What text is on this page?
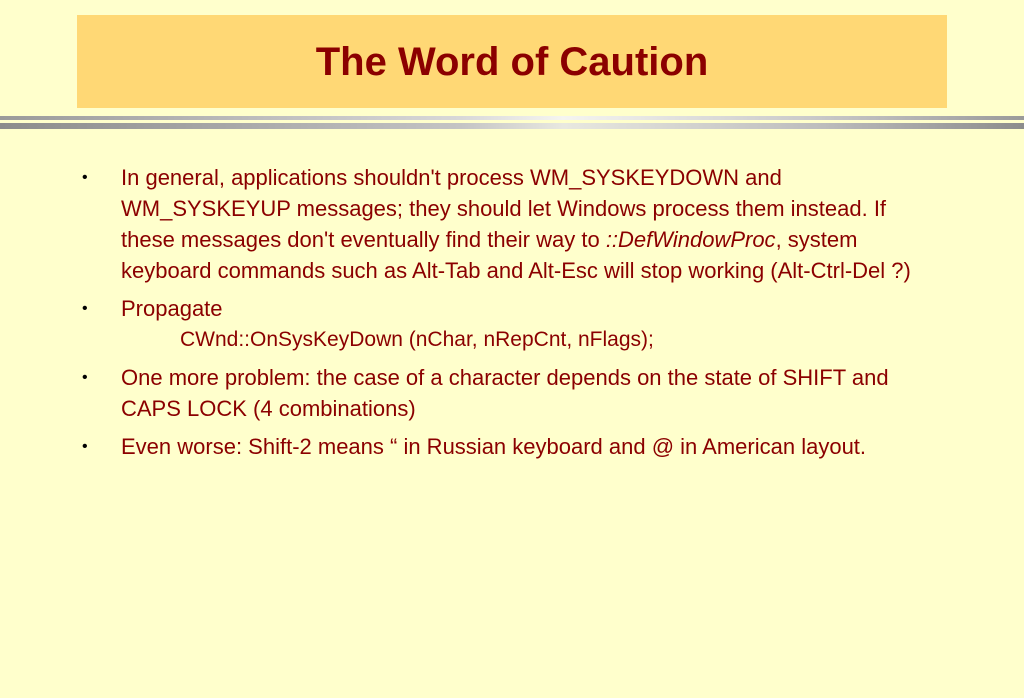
The Word of Caution
• In general, applications shouldn't process WM_SYSKEYDOWN and WM_SYSKEYUP messages; they should let Windows process them instead. If these messages don't eventually find their way to ::DefWindowProc, system keyboard commands such as Alt-Tab and Alt-Esc will stop working (Alt-Ctrl-Del ?)
• Propagate
CWnd::OnSysKeyDown (nChar, nRepCnt, nFlags);
• One more problem: the case of a character depends on the state of SHIFT and CAPS LOCK (4 combinations)
• Even worse: Shift-2 means “ in Russian keyboard and @ in American layout.
